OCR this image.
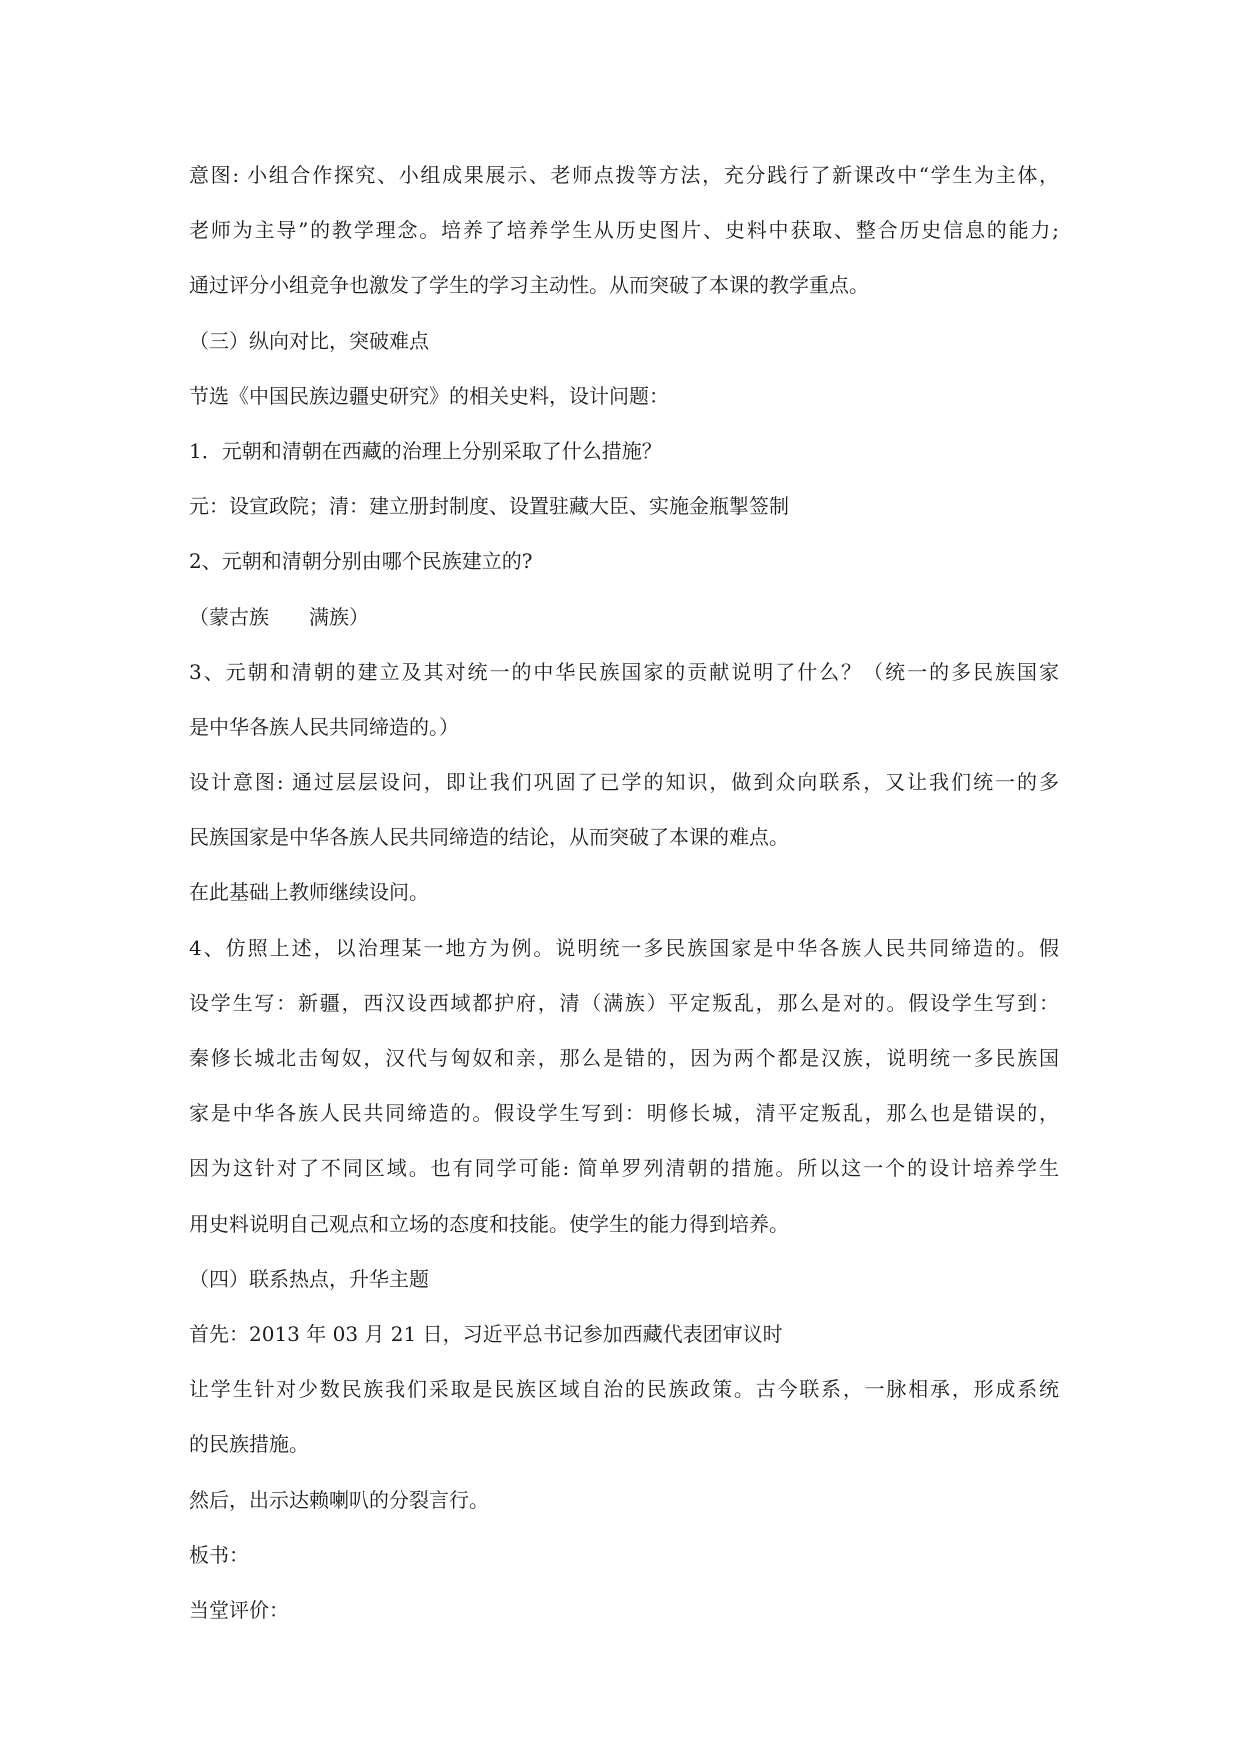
意图: 小组合作探究、小组成果展示、老师点拨等方法，充分践行了新课改中“学生为主体，
老师为主导”的教学理念。培养了培养学生从历史图片、史料中获取、整合历史信息的能力;
通过评分小组竞争也激发了学生的学习主动性。从而突破了本课的教学重点。
（三）纵向对比，突破难点
节选《中国民族边疆史研究》的相关史料，设计问题：
1．元朝和清朝在西藏的治理上分别采取了什么措施？
元：设宣政院；清：建立册封制度、设置驻藏大臣、实施金瓶掣签制
2、元朝和清朝分别由哪个民族建立的?
（蒙古族　　满族）
3、元朝和清朝的建立及其对统一的中华民族国家的贡献说明了什么？（统一的多民族国家
是中华各族人民共同缔造的。）
设计意图: 通过层层设问，即让我们巩固了已学的知识，做到众向联系，又让我们统一的多
民族国家是中华各族人民共同缔造的结论，从而突破了本课的难点。
在此基础上教师继续设问。
4、仿照上述，以治理某一地方为例。说明统一多民族国家是中华各族人民共同缔造的。假
设学生写：新疆，西汉设西域都护府，清（满族）平定叛乱，那么是对的。假设学生写到：
秦修长城北击匈奴，汉代与匈奴和亲，那么是错的，因为两个都是汉族，说明统一多民族国
家是中华各族人民共同缔造的。假设学生写到：明修长城，清平定叛乱，那么也是错误的，
因为这针对了不同区域。也有同学可能: 简单罗列清朝的措施。所以这一个的设计培养学生
用史料说明自己观点和立场的态度和技能。使学生的能力得到培养。
（四）联系热点，升华主题
首先：2013 年 03 月 21 日，习近平总书记参加西藏代表团审议时
让学生针对少数民族我们采取是民族区域自治的民族政策。古今联系，一脉相承，形成系统
的民族措施。
然后，出示达赖喇叭的分裂言行。
板书：
当堂评价：
